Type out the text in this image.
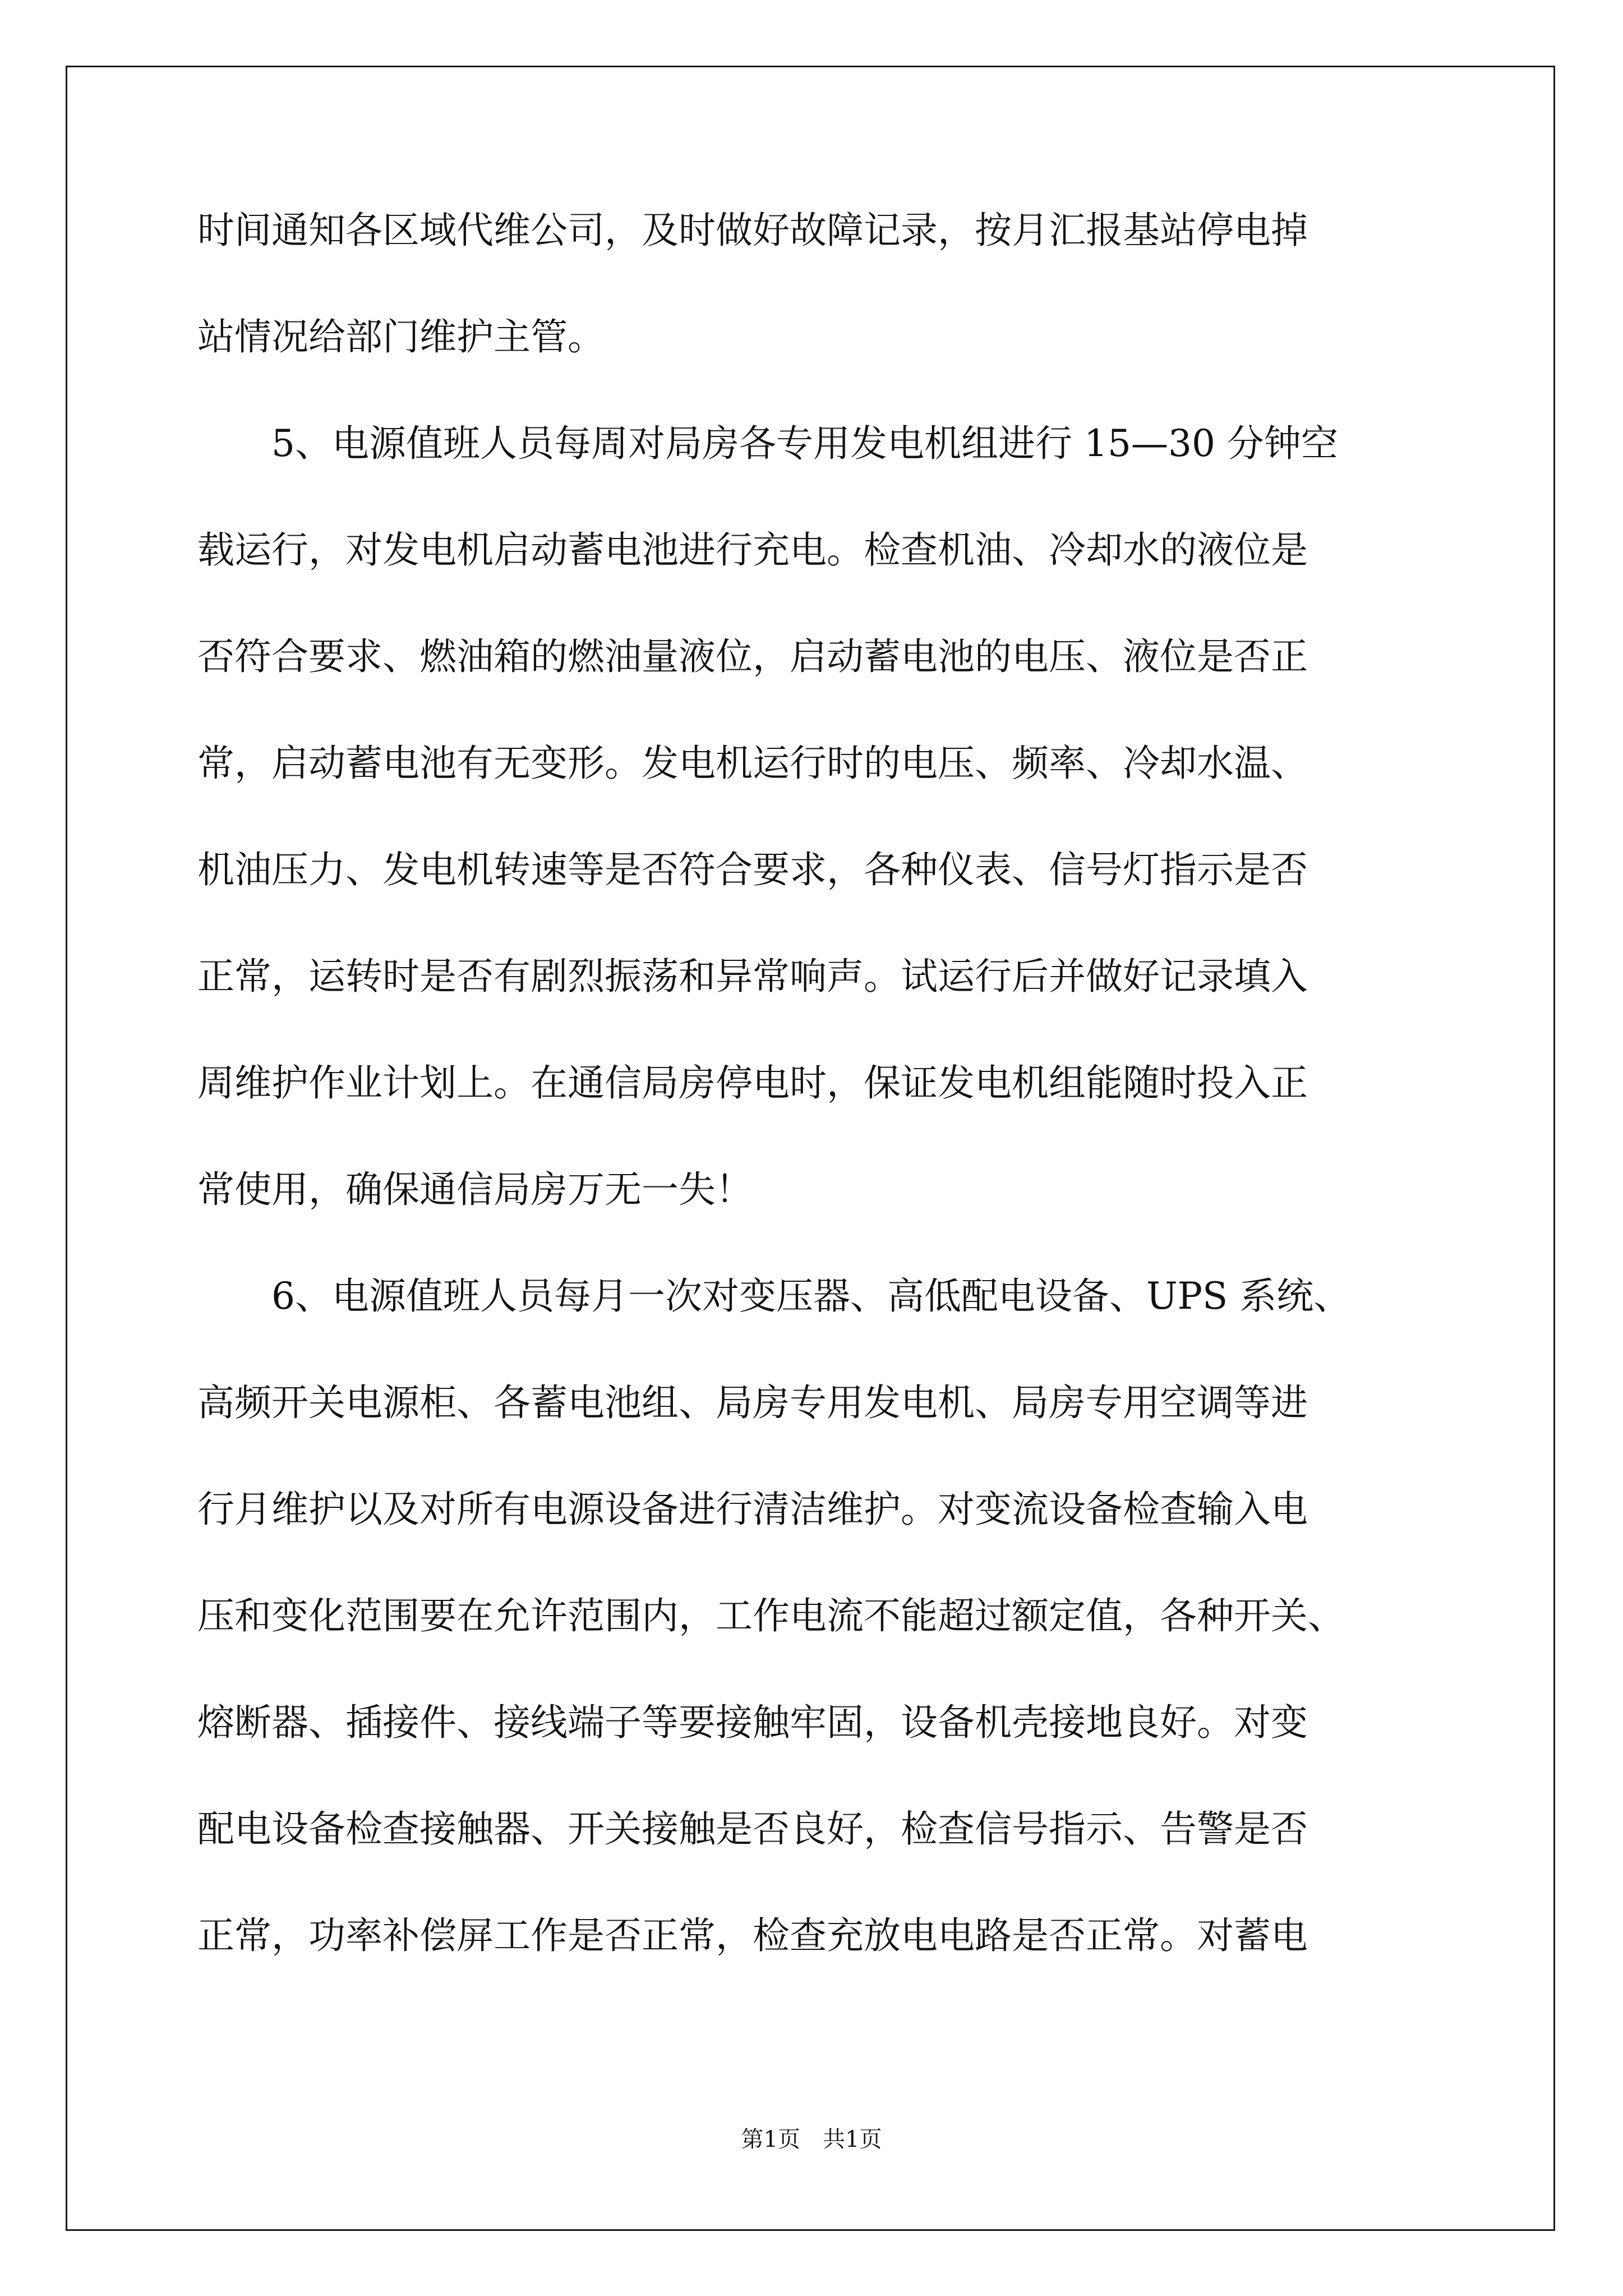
时间通知各区域代维公司，及时做好故障记录，按月汇报基站停电掉
站情况给部门维护主管。
　　5、电源值班人员每周对局房各专用发电机组进行 15—30 分钟空
载运行，对发电机启动蓄电池进行充电。检查机油、冷却水的液位是
否符合要求、燃油箱的燃油量液位，启动蓄电池的电压、液位是否正
常，启动蓄电池有无变形。发电机运行时的电压、频率、冷却水温、
机油压力、发电机转速等是否符合要求，各种仪表、信号灯指示是否
正常，运转时是否有剧烈振荡和异常响声。试运行后并做好记录填入
周维护作业计划上。在通信局房停电时，保证发电机组能随时投入正
常使用，确保通信局房万无一失！
　　6、电源值班人员每月一次对变压器、高低配电设备、UPS 系统、
高频开关电源柜、各蓄电池组、局房专用发电机、局房专用空调等进
行月维护以及对所有电源设备进行清洁维护。对变流设备检查输入电
压和变化范围要在允许范围内，工作电流不能超过额定值，各种开关、
熔断器、插接件、接线端子等要接触牢固，设备机壳接地良好。对变
配电设备检查接触器、开关接触是否良好，检查信号指示、告警是否
正常，功率补偿屏工作是否正常，检查充放电电路是否正常。对蓄电
第1页 共1页
